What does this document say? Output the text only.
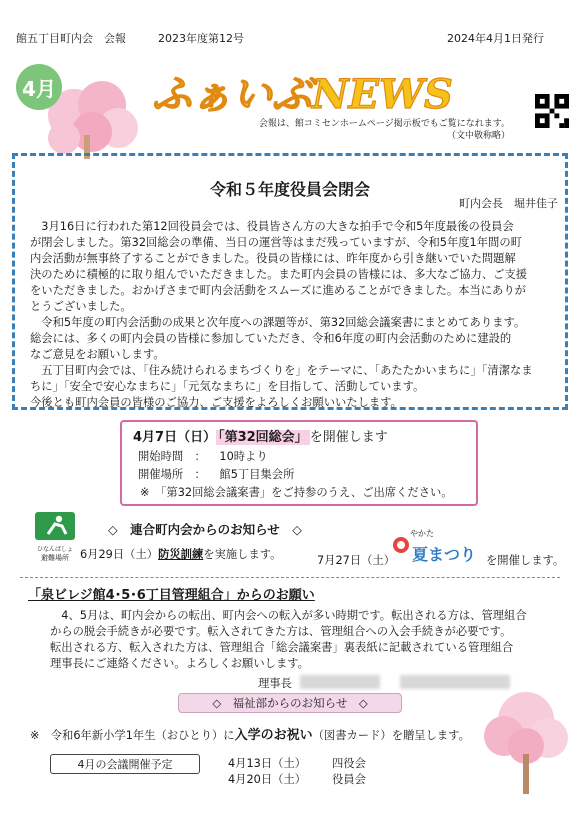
館五丁目町内会　会報	2023年度第12号	2024年4月1日発行
4月 ふぁいぶNEWS
会報は、館コミセンホームページ掲示板でもご覧になれます。
（文中敬称略）
令和５年度役員会閉会
町内会長　堀井佳子
　3月16日に行われた第12回役員会では、役員皆さん方の大きな拍手で令和5年度最後の役員会
が閉会しました。第32回総会の準備、当日の運営等はまだ残っていますが、令和5年度1年間の町
内会活動が無事終了することができました。役員の皆様には、昨年度から引き継いでいた問題解
決のために積極的に取り組んでいただきました。また町内会員の皆様には、多大なご協力、ご支援
をいただきました。おかげさまで町内会活動をスムーズに進めることができました。本当にありが
とうございました。
　令和5年度の町内会活動の成果と次年度への課題等が、第32回総会議案書にまとめてあります。
総会には、多くの町内会員の皆様に参加していただき、令和6年度の町内会活動のために建設的
なご意見をお願いします。
　五丁目町内会では、「住み続けられるまちづくりを」をテーマに、「あたたかいまちに」「清潔なま
ちに」「安全で安心なまちに」「元気なまちに」を目指して、活動しています。
今後とも町内会員の皆様のご協力、ご支援をよろしくお願いいたします。
4月7日（日） 「第32回総会」 を開催します
開始時間　： 10時より
開催場所　： 館5丁目集会所
※　「第32回総会議案書」をご持参のうえ、ご出席ください。
ひなんばしょ
避難場所
◇　連合町内会からのお知らせ　◇
6月29日（土）防災訓練を実施します。	7月27日（土）
やかた
夏まつり を開催します。
「泉ビレジ館4･5･6丁目管理組合」からのお願い
　4、5月は、町内会からの転出、町内会への転入が多い時期です。転出される方は、管理組合
からの脱会手続きが必要です。転入されてきた方は、管理組合への入会手続きが必要です。
転出される方、転入された方は、管理組合「総会議案書」裏表紙に記載されている管理組合
理事長にご連絡ください。よろしくお願いします。
理事長
◇　福祉部からのお知らせ　◇
※　令和6年新小学1年生（おひとり）に入学のお祝い（図書カード）を贈呈します。
4月の会議開催予定	4月13日（土） 四役会
4月20日（土） 役員会
